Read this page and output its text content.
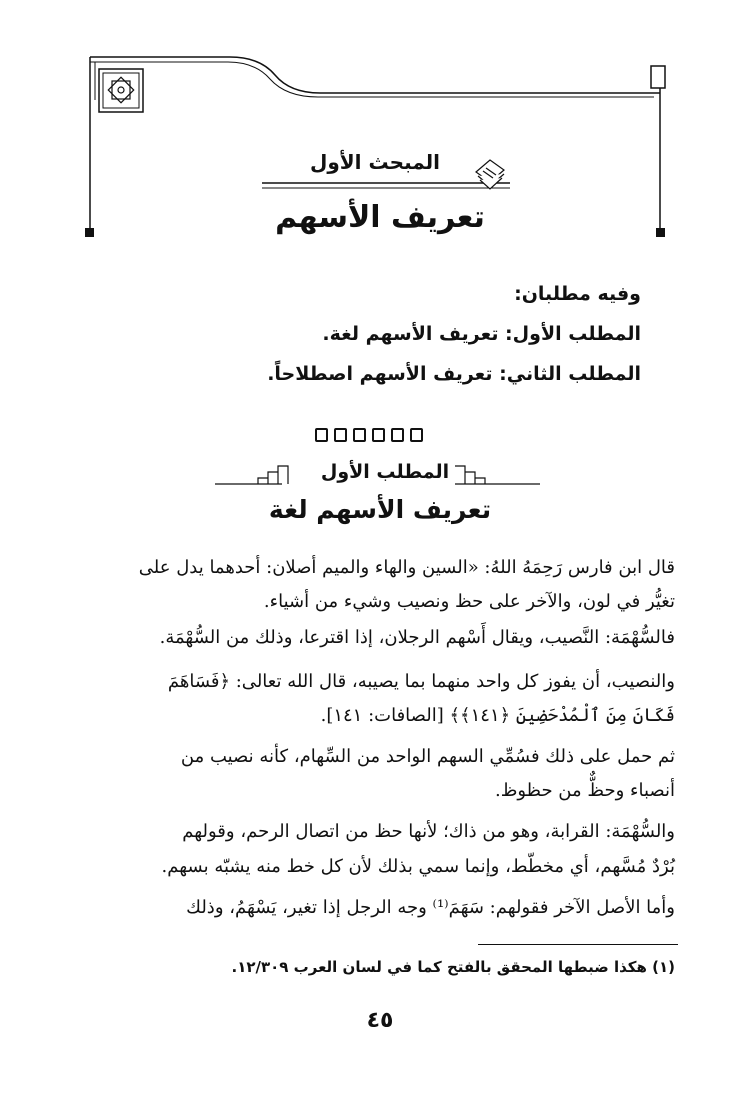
المبحث الأول
تعريف الأسهم
وفيه مطلبان:
المطلب الأول: تعريف الأسهم لغة.
المطلب الثاني: تعريف الأسهم اصطلاحاً.
المطلب الأول
تعريف الأسهم لغة
قال ابن فارس رَحِمَهُ اللهُ: «السين والهاء والميم أصلان: أحدهما يدل على
تغيُّر في لون، والآخر على حظ ونصيب وشيء من أشياء.
فالسُّهْمَة: النَّصيب، ويقال أَسْهم الرجلان، إذا اقترعا، وذلك من السُّهْمَة.
والنصيب، أن يفوز كل واحد منهما بما يصيبه، قال الله تعالى: ﴿فَسَاهَمَ
فَكَانَ مِنَ ٱلْمُدْحَضِينَ ﴿١٤١﴾﴾ [الصافات: ١٤١].
ثم حمل على ذلك فسُمِّي السهم الواحد من السِّهام، كأنه نصيب من
أنصباء وحظٌّ من حظوظ.
والسُّهْمَة: القرابة، وهو من ذاك؛ لأنها حظ من اتصال الرحم، وقولهم
بُرْدٌ مُسَّهم، أي مخطّط، وإنما سمي بذلك لأن كل خط منه يشبّه بسهم.
وأما الأصل الآخر فقولهم: سَهَمَ⁽¹⁾ وجه الرجل إذا تغير، يَسْهَمُ، وذلك
(١) هكذا ضبطها المحقق بالفتح كما في لسان العرب ١٢/٣٠٩.
٤٥
